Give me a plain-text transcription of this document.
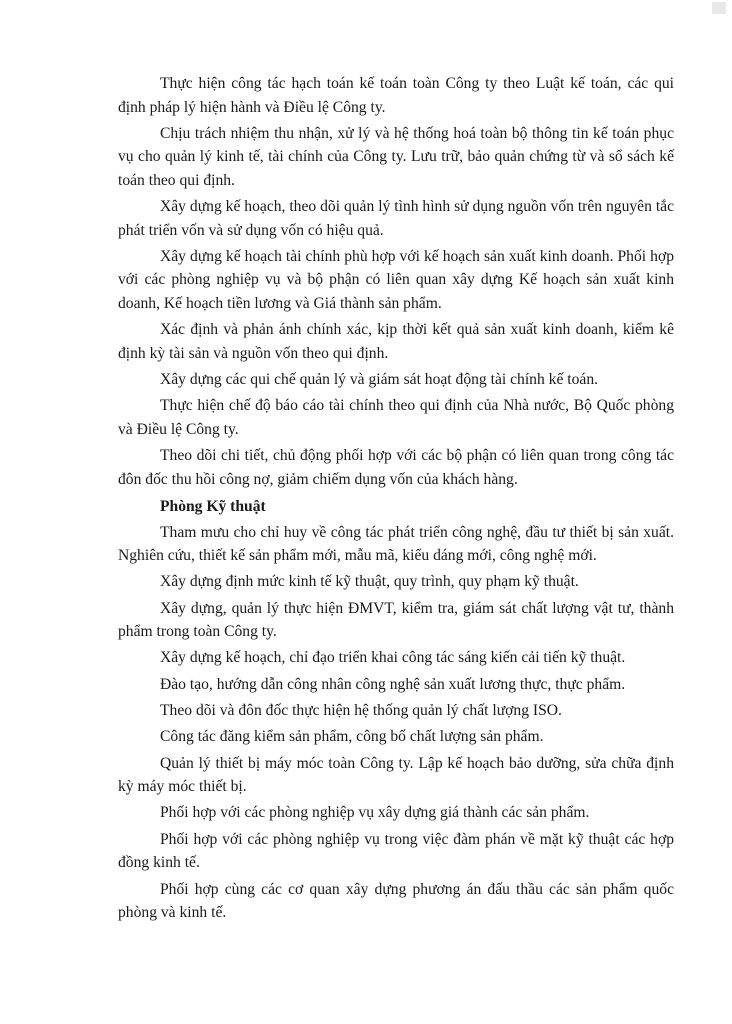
Thực hiện công tác hạch toán kế toán toàn Công ty theo Luật kế toán, các qui định pháp lý hiện hành và Điều lệ Công ty.

Chịu trách nhiệm thu nhận, xử lý và hệ thống hoá toàn bộ thông tin kế toán phục vụ cho quản lý kinh tế, tài chính của Công ty. Lưu trữ, bảo quản chứng từ và sổ sách kế toán theo qui định.

Xây dựng kế hoạch, theo dõi quản lý tình hình sử dụng nguồn vốn trên nguyên tắc phát triển vốn và sử dụng vốn có hiệu quả.

Xây dựng kế hoạch tài chính phù hợp với kế hoạch sản xuất kinh doanh. Phối hợp với các phòng nghiệp vụ và bộ phận có liên quan xây dựng Kế hoạch sản xuất kinh doanh, Kế hoạch tiền lương và Giá thành sản phẩm.

Xác định và phản ánh chính xác, kịp thời kết quả sản xuất kinh doanh, kiểm kê định kỳ tài sản và nguồn vốn theo qui định.

Xây dựng các qui chế quản lý và giám sát hoạt động tài chính kế toán.

Thực hiện chế độ báo cáo tài chính theo qui định của Nhà nước, Bộ Quốc phòng và Điều lệ Công ty.

Theo dõi chi tiết, chủ động phối hợp với các bộ phận có liên quan trong công tác đôn đốc thu hồi công nợ, giảm chiếm dụng vốn của khách hàng.

Phòng Kỹ thuật

Tham mưu cho chỉ huy về công tác phát triển công nghệ, đầu tư thiết bị sản xuất. Nghiên cứu, thiết kế sản phẩm mới, mẫu mã, kiểu dáng mới, công nghệ mới.

Xây dựng định mức kinh tế kỹ thuật, quy trình, quy phạm kỹ thuật.

Xây dựng, quản lý thực hiện ĐMVT, kiểm tra, giám sát chất lượng vật tư, thành phẩm trong toàn Công ty.

Xây dựng kế hoạch, chỉ đạo triển khai công tác sáng kiến cải tiến kỹ thuật.

Đào tạo, hướng dẫn công nhân công nghệ sản xuất lương thực, thực phẩm.

Theo dõi và đôn đốc thực hiện hệ thống quản lý chất lượng ISO.

Công tác đăng kiểm sản phẩm, công bố chất lượng sản phẩm.

Quản lý thiết bị máy móc toàn Công ty. Lập kế hoạch bảo dưỡng, sửa chữa định kỳ máy móc thiết bị.

Phối hợp với các phòng nghiệp vụ xây dựng giá thành các sản phẩm.

Phối hợp với các phòng nghiệp vụ trong việc đàm phán về mặt kỹ thuật các hợp đồng kinh tế.

Phối hợp cùng các cơ quan xây dựng phương án đấu thầu các sản phẩm quốc phòng và kinh tế.
